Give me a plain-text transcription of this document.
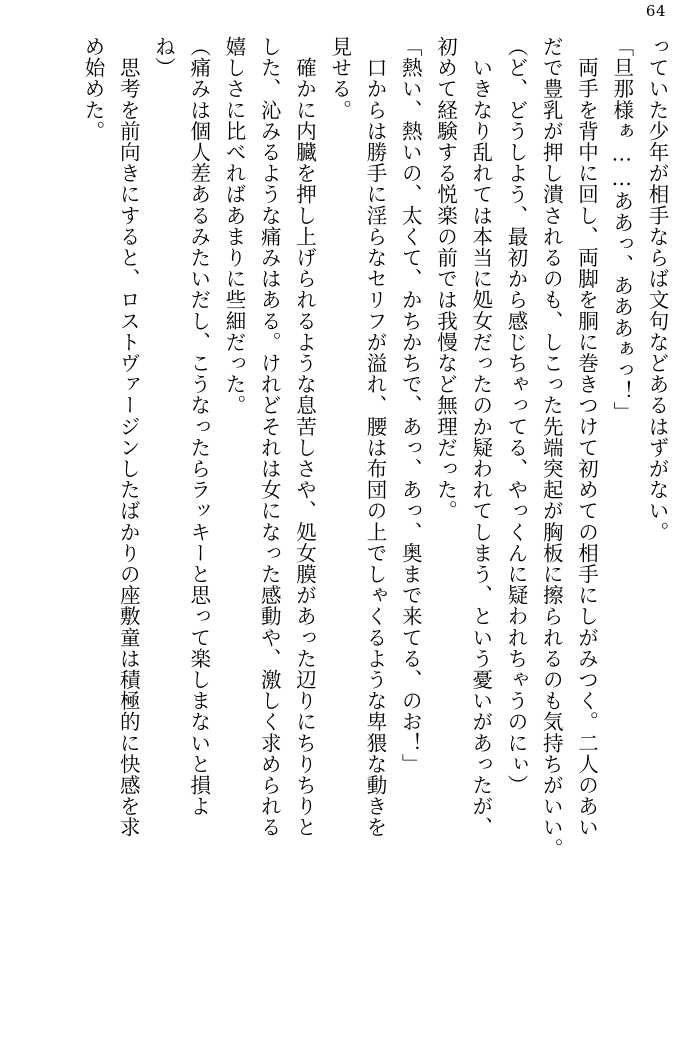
64
っていた少年が相手ならば文句などあるはずがない。
「旦那様ぁ……ああっ、あああぁっ！」
　両手を背中に回し、両脚を胴に巻きつけて初めての相手にしがみつく。二人のあい
だで豊乳が押し潰されるのも、しこった先端突起が胸板に擦られるのも気持ちがいい。
（ど、どうしよう、最初から感じちゃってる、やっくんに疑われちゃうのにぃ）
　いきなり乱れては本当に処女だったのか疑われてしまう、という憂いがあったが、
初めて経験する悦楽の前では我慢など無理だった。
「熱い、熱いの、太くて、かちかちで、あっ、あっ、奥まで来てる、のお！」
　口からは勝手に淫らなセリフが溢れ、腰は布団の上でしゃくるような卑猥な動きを
見せる。
　確かに内臓を押し上げられるような息苦しさや、処女膜があった辺りにちりちりと
した、沁みるような痛みはある。けれどそれは女になった感動や、激しく求められる
嬉しさに比べればあまりに些細だった。
（痛みは個人差あるみたいだし、こうなったらラッキーと思って楽しまないと損よ
ね）
　思考を前向きにすると、ロストヴァージンしたばかりの座敷童は積極的に快感を求
め始めた。
